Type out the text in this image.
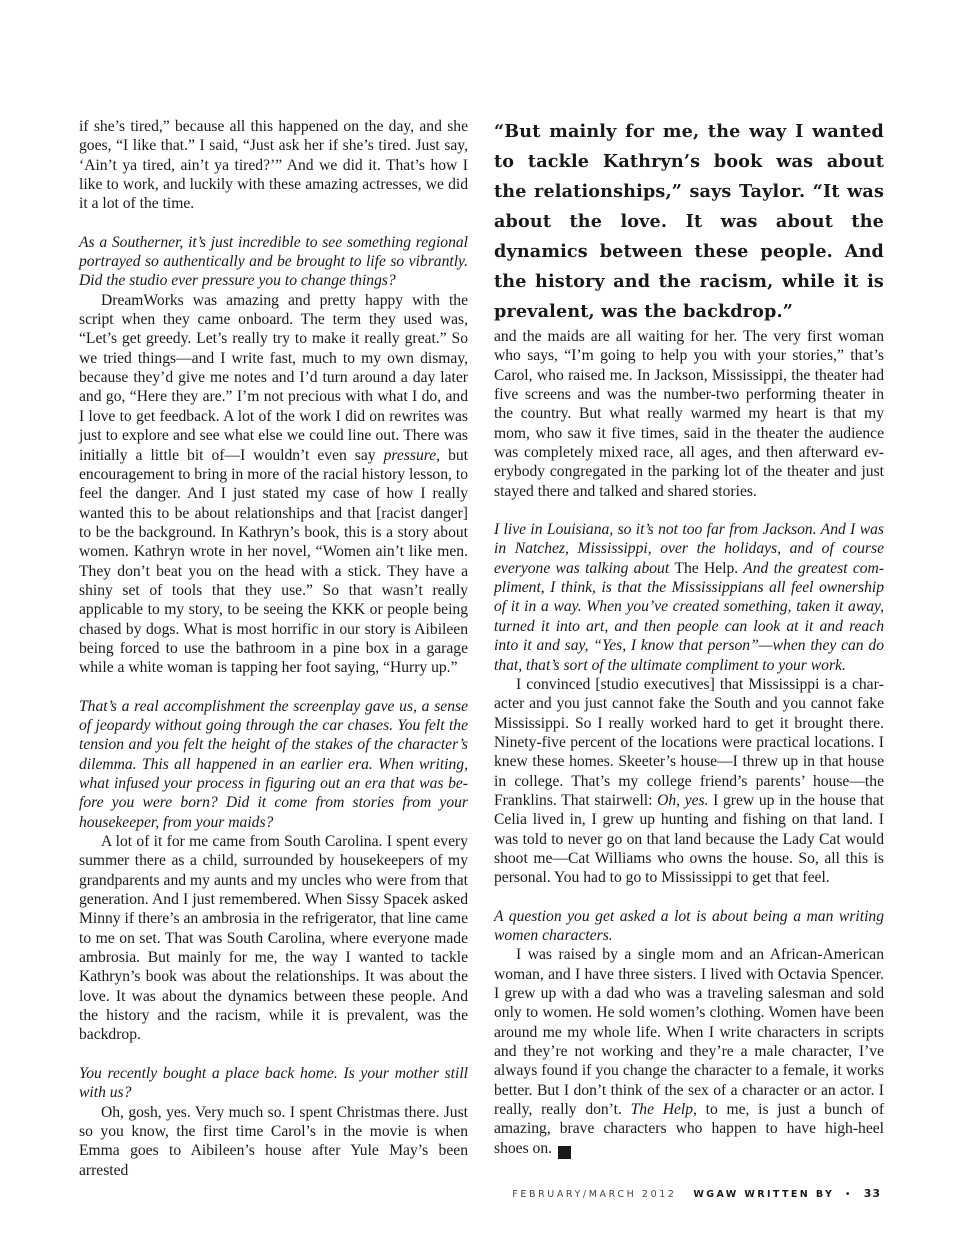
if she’s tired,” because all this happened on the day, and she goes, “I like that.” I said, “Just ask her if she’s tired. Just say, ‘Ain’t ya tired, ain’t ya tired?’” And we did it. That’s how I like to work, and luckily with these amazing actresses, we did it a lot of the time.

As a Southerner, it’s just incredible to see something regional portrayed so authentically and be brought to life so vibrantly. Did the studio ever pressure you to change things?

DreamWorks was amazing and pretty happy with the script when they came onboard. The term they used was, “Let’s get greedy. Let’s really try to make it really great.” So we tried things—and I write fast, much to my own dismay, because they’d give me notes and I’d turn around a day later and go, “Here they are.” I’m not precious with what I do, and I love to get feedback. A lot of the work I did on rewrites was just to explore and see what else we could line out. There was initially a little bit of—I wouldn’t even say pressure, but encouragement to bring in more of the racial history lesson, to feel the danger. And I just stated my case of how I really wanted this to be about relationships and that [racist danger] to be the background. In Kathryn’s book, this is a story about women. Kathryn wrote in her novel, “Women ain’t like men. They don’t beat you on the head with a stick. They have a shiny set of tools that they use.” So that wasn’t really applicable to my story, to be seeing the KKK or people being chased by dogs. What is most horrific in our story is Aibileen being forced to use the bathroom in a pine box in a garage while a white woman is tapping her foot saying, “Hurry up.”

That’s a real accomplishment the screenplay gave us, a sense of jeopardy without going through the car chases. You felt the tension and you felt the height of the stakes of the character’s dilemma. This all happened in an earlier era. When writing, what infused your process in figuring out an era that was before you were born? Did it come from stories from your housekeeper, from your maids?

A lot of it for me came from South Carolina. I spent every summer there as a child, surrounded by housekeepers of my grandparents and my aunts and my uncles who were from that generation. And I just remembered. When Sissy Spacek asked Minny if there’s an ambrosia in the refrigerator, that line came to me on set. That was South Carolina, where everyone made ambrosia. But mainly for me, the way I wanted to tackle Kathryn’s book was about the relationships. It was about the love. It was about the dynamics between these people. And the history and the racism, while it is prevalent, was the backdrop.

You recently bought a place back home. Is your mother still with us?

Oh, gosh, yes. Very much so. I spent Christmas there. Just so you know, the first time Carol’s in the movie is when Emma goes to Aibileen’s house after Yule May’s been arrested

“But mainly for me, the way I wanted to tackle Kathryn’s book was about the relationships,” says Taylor. “It was about the love. It was about the dynamics between these people. And the history and the racism, while it is prevalent, was the backdrop.”

and the maids are all waiting for her. The very first woman who says, “I’m going to help you with your stories,” that’s Carol, who raised me. In Jackson, Mississippi, the theater had five screens and was the number-two performing theater in the country. But what really warmed my heart is that my mom, who saw it five times, said in the theater the audience was completely mixed race, all ages, and then afterward everybody congregated in the parking lot of the theater and just stayed there and talked and shared stories.

I live in Louisiana, so it’s not too far from Jackson. And I was in Natchez, Mississippi, over the holidays, and of course everyone was talking about The Help. And the greatest compliment, I think, is that the Mississippians all feel ownership of it in a way. When you’ve created something, taken it away, turned it into art, and then people can look at it and reach into it and say, “Yes, I know that person”—when they can do that, that’s sort of the ultimate compliment to your work.

I convinced [studio executives] that Mississippi is a character and you just cannot fake the South and you cannot fake Mississippi. So I really worked hard to get it brought there. Ninety-five percent of the locations were practical locations. I knew these homes. Skeeter’s house—I threw up in that house in college. That’s my college friend’s parents’ house—the Franklins. That stairwell: Oh, yes. I grew up in the house that Celia lived in, I grew up hunting and fishing on that land. I was told to never go on that land because the Lady Cat would shoot me—Cat Williams who owns the house. So, all this is personal. You had to go to Mississippi to get that feel.

A question you get asked a lot is about being a man writing women characters.

I was raised by a single mom and an African-American woman, and I have three sisters. I lived with Octavia Spencer. I grew up with a dad who was a traveling salesman and sold only to women. He sold women’s clothing. Women have been around me my whole life. When I write characters in scripts and they’re not working and they’re a male character, I’ve always found if you change the character to a female, it works better. But I don’t think of the sex of a character or an actor. I really, really don’t. The Help, to me, is just a bunch of amazing, brave characters who happen to have high-heel shoes on.	WB

FEBRUARY/MARCH 2012 WGAW WRITTEN BY • 33
